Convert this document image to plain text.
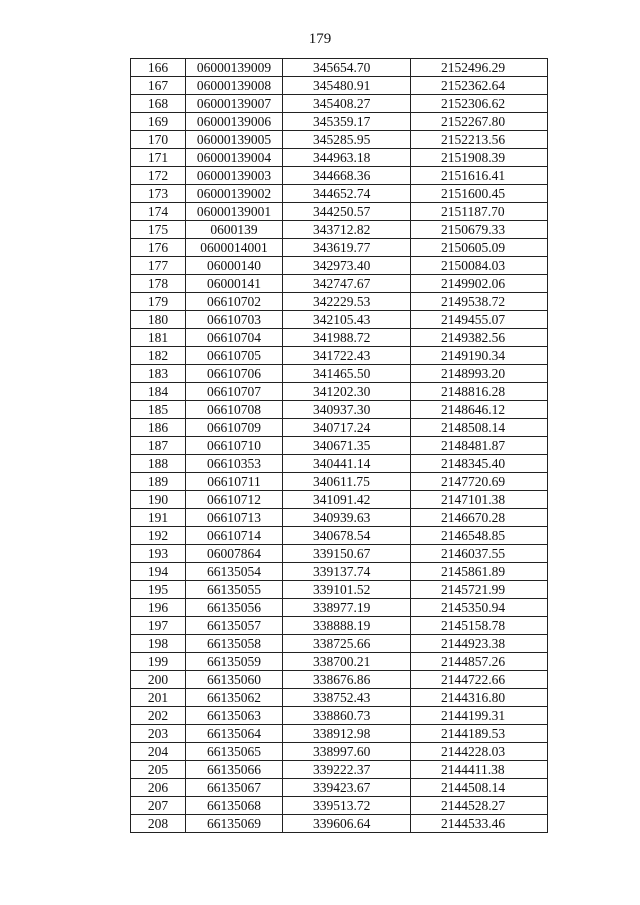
179
166	06000139009	345654.70	2152496.29
167	06000139008	345480.91	2152362.64
168	06000139007	345408.27	2152306.62
169	06000139006	345359.17	2152267.80
170	06000139005	345285.95	2152213.56
171	06000139004	344963.18	2151908.39
172	06000139003	344668.36	2151616.41
173	06000139002	344652.74	2151600.45
174	06000139001	344250.57	2151187.70
175	0600139	343712.82	2150679.33
176	0600014001	343619.77	2150605.09
177	06000140	342973.40	2150084.03
178	06000141	342747.67	2149902.06
179	06610702	342229.53	2149538.72
180	06610703	342105.43	2149455.07
181	06610704	341988.72	2149382.56
182	06610705	341722.43	2149190.34
183	06610706	341465.50	2148993.20
184	06610707	341202.30	2148816.28
185	06610708	340937.30	2148646.12
186	06610709	340717.24	2148508.14
187	06610710	340671.35	2148481.87
188	06610353	340441.14	2148345.40
189	06610711	340611.75	2147720.69
190	06610712	341091.42	2147101.38
191	06610713	340939.63	2146670.28
192	06610714	340678.54	2146548.85
193	06007864	339150.67	2146037.55
194	66135054	339137.74	2145861.89
195	66135055	339101.52	2145721.99
196	66135056	338977.19	2145350.94
197	66135057	338888.19	2145158.78
198	66135058	338725.66	2144923.38
199	66135059	338700.21	2144857.26
200	66135060	338676.86	2144722.66
201	66135062	338752.43	2144316.80
202	66135063	338860.73	2144199.31
203	66135064	338912.98	2144189.53
204	66135065	338997.60	2144228.03
205	66135066	339222.37	2144411.38
206	66135067	339423.67	2144508.14
207	66135068	339513.72	2144528.27
208	66135069	339606.64	2144533.46
